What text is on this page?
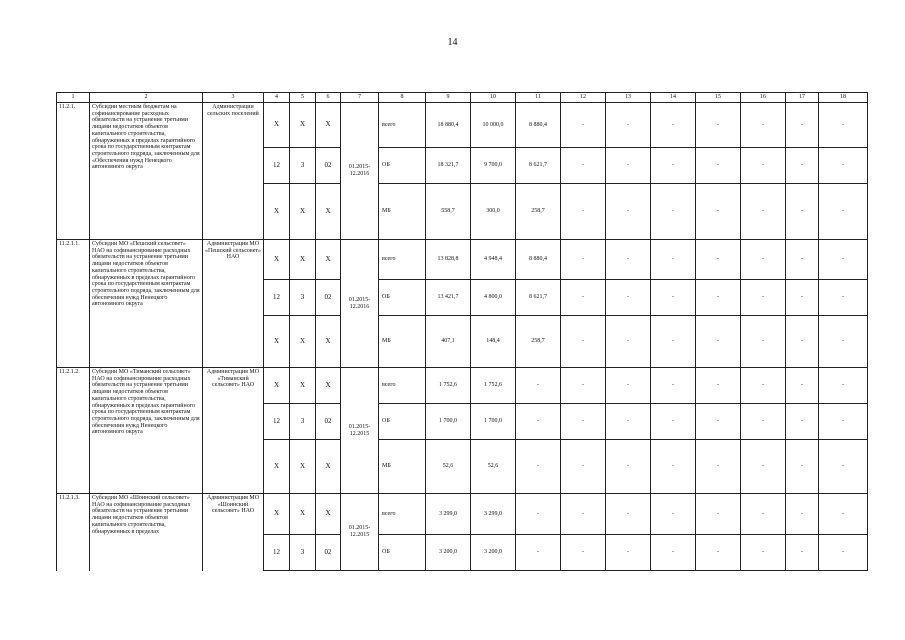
14
1	2	3	4	5	6	7	8	9	10	11	12	13	14	15	16	17	18
11.2.1.	Субсидии местным бюджетам на софинансирование расходных обязательств на устранение третьими лицами недостатков объектов капитального строительства, обнаруженных в пределах гарантийного срока по государственным контрактам строительного подряда, заключенным для «Обеспечения нужд Ненецкого автономного округа	Администрации сельских поселений	X	X	X	01.2015-12.2016	всего	18 880,4	10 000,0	8 880,4	-	-	-	-	-	-	-
			12	3	02		ОБ	18 321,7	9 700,0	8 621,7	-	-	-	-	-	-	-
			X	X	X		МБ	558,7	300,0	258,7	-	-	-	-	-	-	-
11.2.1.1.	Субсидии МО «Пешский сельсовет» НАО на софинансирование расходных обязательств на устранение третьими лицами недостатков объектов капитального строительства, обнаруженных в пределах гарантийного срока по государственным контрактам строительного подряда, заключенным для обеспечения нужд Ненецкого автономного округа	Администрация МО «Пешский сельсовет» НАО	X	X	X	01.2015-12.2016	всего	13 828,8	4 948,4	8 880,4	-	-	-	-	-	-	-
			12	3	02		ОБ	13 421,7	4 800,0	8 621,7	-	-	-	-	-	-	-
			X	X	X		МБ	407,1	148,4	258,7	-	-	-	-	-	-	-
11.2.1.2.	Субсидии МО «Тиманский сельсовет» НАО на софинансирование расходных обязательств на устранение третьими лицами недостатков объектов капитального строительства, обнаруженных в пределах гарантийного срока по государственным контрактам строительного подряда, заключенным для обеспечения нужд Ненецкого автономного округа	Администрация МО «Тиманский сельсовет» НАО	X	X	X	01.2015-12.2015	всего	1 752,6	1 752,6	-	-	-	-	-	-	-	-
			12	3	02		ОБ	1 700,0	1 700,0	-	-	-	-	-	-	-	-
			X	X	X		МБ	52,6	52,6	-	-	-	-	-	-	-	-
11.2.1.3.	Субсидии МО «Шоинский сельсовет» НАО на софинансирование расходных обязательств на устранение третьими лицами недостатков объектов капитального строительства, обнаруженных в пределах	Администрация МО «Шоинский сельсовет» НАО	X	X	X	01.2015-12.2015	всего	3 299,0	3 299,0	-	-	-	-	-	-	-	-
			12	3	02		ОБ	3 200,0	3 200,0	-	-	-	-	-	-	-	-
